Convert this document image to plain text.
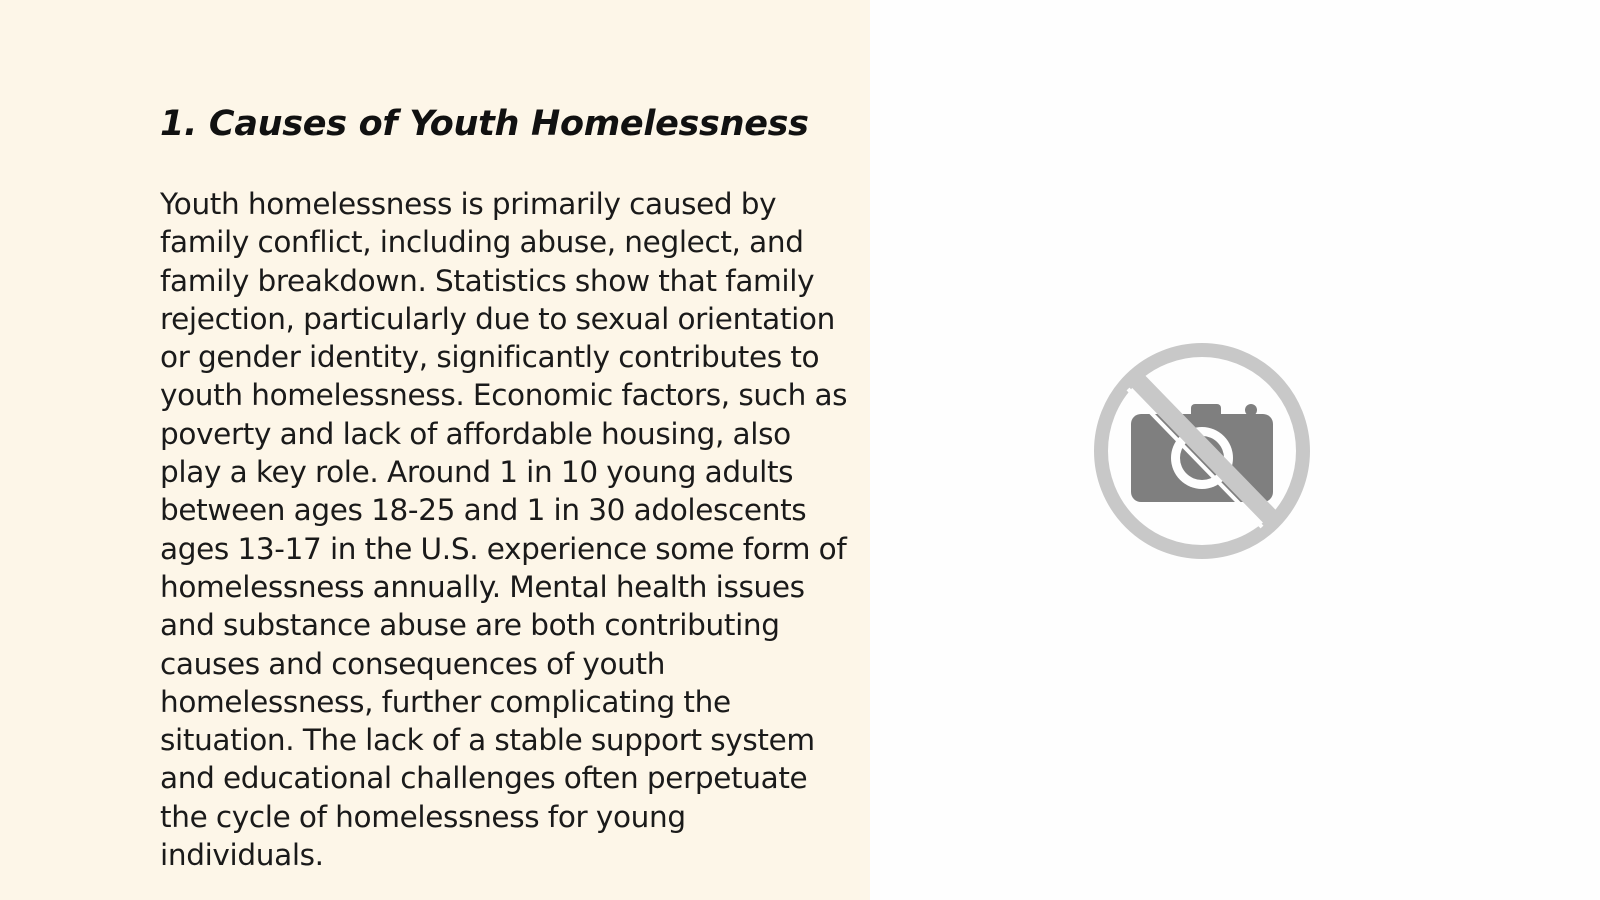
1. Causes of Youth Homelessness

Youth homelessness is primarily caused by family conflict, including abuse, neglect, and family breakdown. Statistics show that family rejection, particularly due to sexual orientation or gender identity, significantly contributes to youth homelessness. Economic factors, such as poverty and lack of affordable housing, also play a key role. Around 1 in 10 young adults between ages 18-25 and 1 in 30 adolescents ages 13-17 in the U.S. experience some form of homelessness annually. Mental health issues and substance abuse are both contributing causes and consequences of youth homelessness, further complicating the situation. The lack of a stable support system and educational challenges often perpetuate the cycle of homelessness for young individuals.
